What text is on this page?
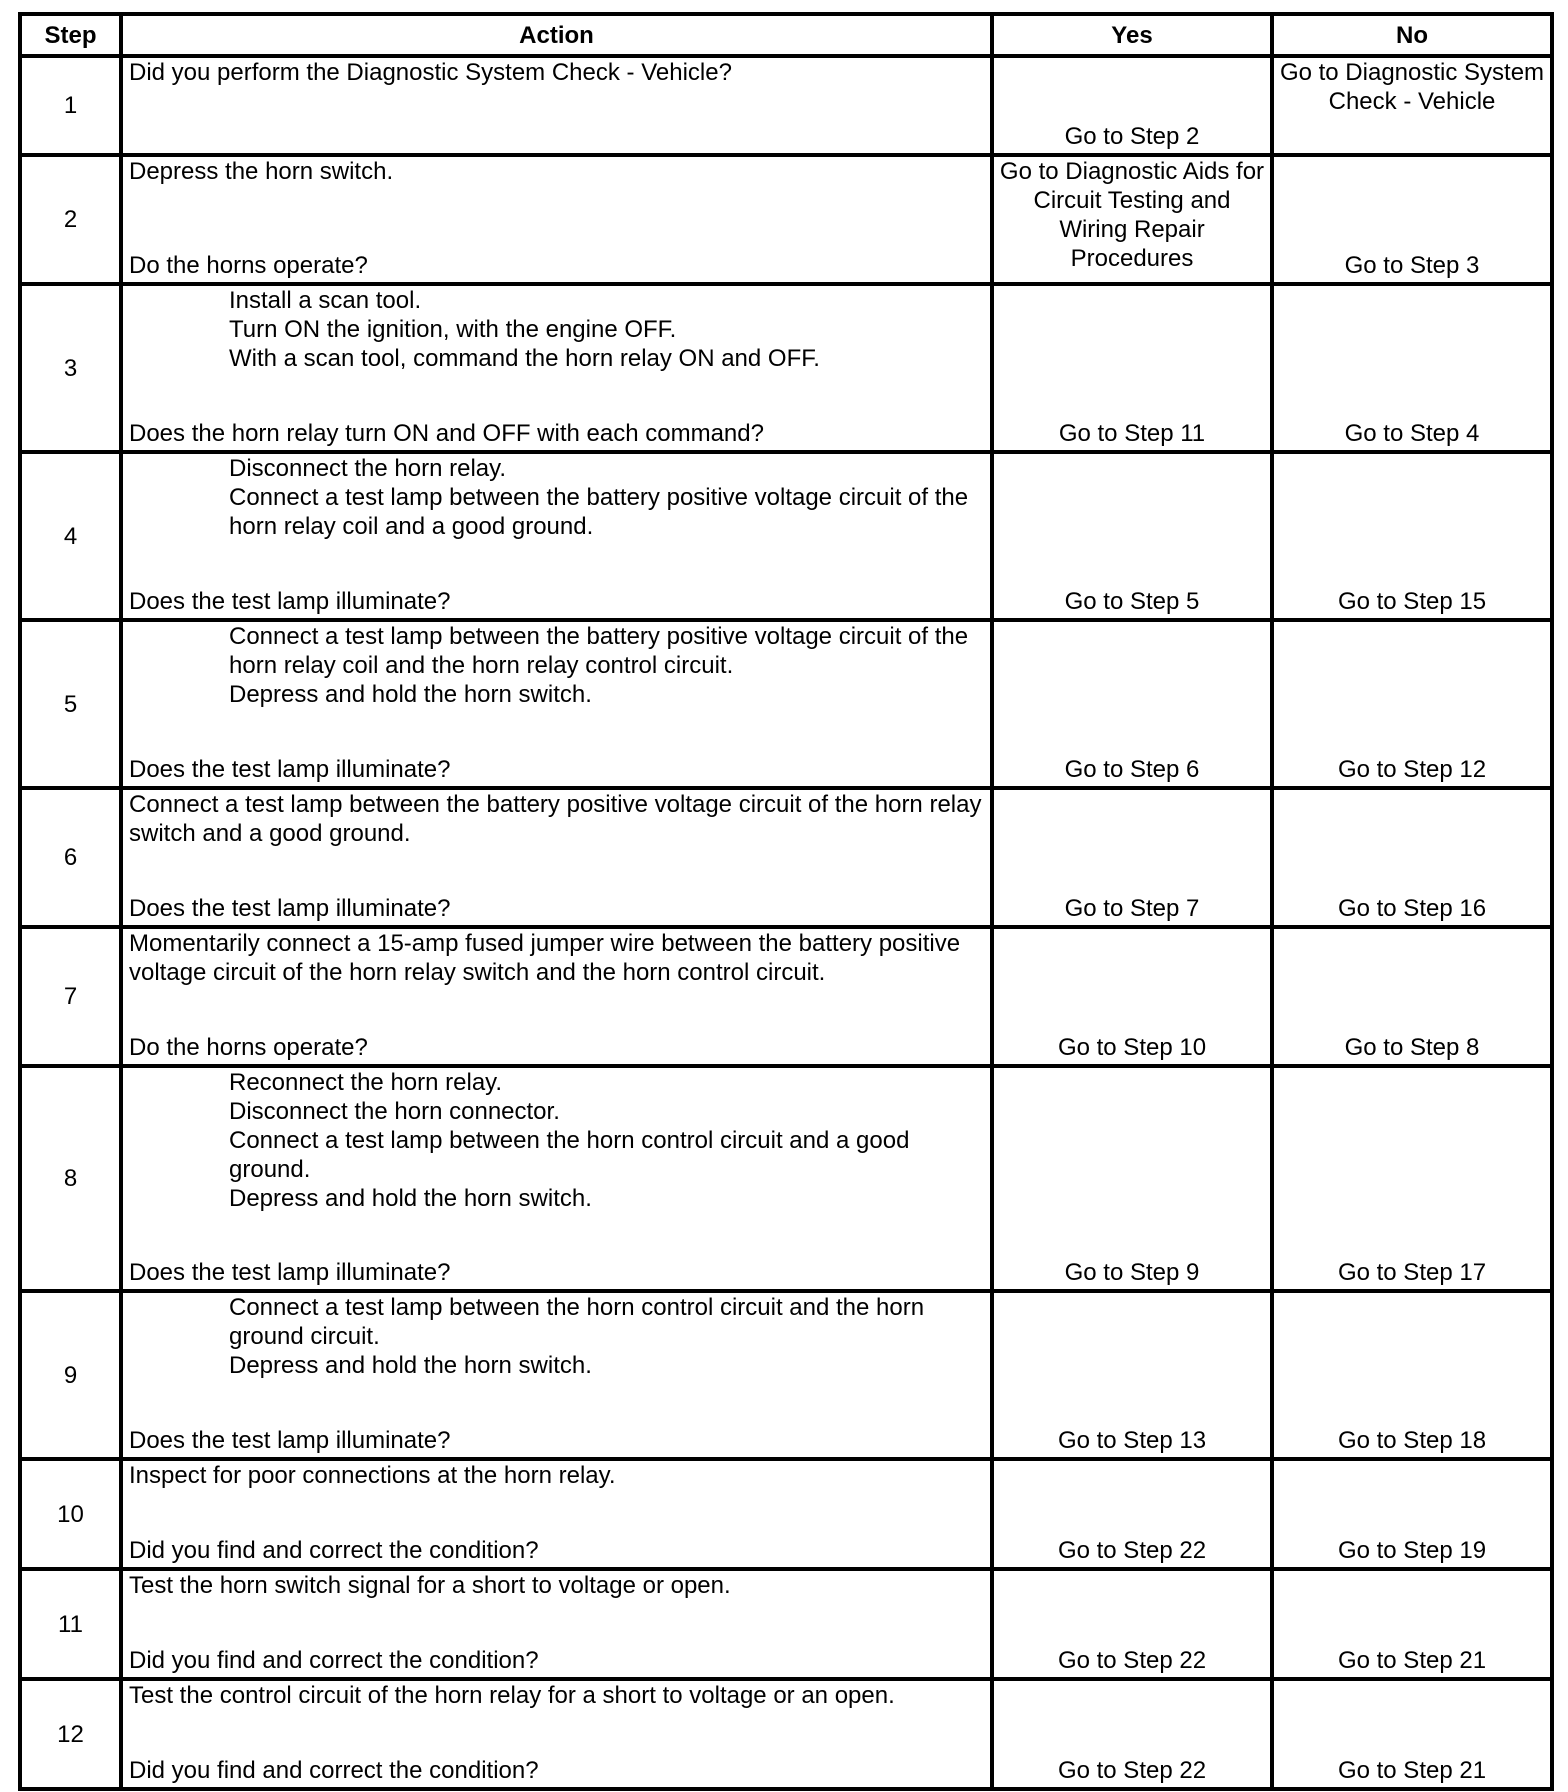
Step	Action	Yes	No
1	Did you perform the Diagnostic System Check - Vehicle?	Go to Step 2	Go to Diagnostic System Check - Vehicle
2	Depress the horn switch.
Do the horns operate?	Go to Diagnostic Aids for Circuit Testing and Wiring Repair Procedures	Go to Step 3
3	Install a scan tool.
Turn ON the ignition, with the engine OFF.
With a scan tool, command the horn relay ON and OFF.
Does the horn relay turn ON and OFF with each command?	Go to Step 11	Go to Step 4
4	Disconnect the horn relay.
Connect a test lamp between the battery positive voltage circuit of the horn relay coil and a good ground.
Does the test lamp illuminate?	Go to Step 5	Go to Step 15
5	Connect a test lamp between the battery positive voltage circuit of the horn relay coil and the horn relay control circuit.
Depress and hold the horn switch.
Does the test lamp illuminate?	Go to Step 6	Go to Step 12
6	Connect a test lamp between the battery positive voltage circuit of the horn relay switch and a good ground.
Does the test lamp illuminate?	Go to Step 7	Go to Step 16
7	Momentarily connect a 15-amp fused jumper wire between the battery positive voltage circuit of the horn relay switch and the horn control circuit.
Do the horns operate?	Go to Step 10	Go to Step 8
8	Reconnect the horn relay.
Disconnect the horn connector.
Connect a test lamp between the horn control circuit and a good ground.
Depress and hold the horn switch.
Does the test lamp illuminate?	Go to Step 9	Go to Step 17
9	Connect a test lamp between the horn control circuit and the horn ground circuit.
Depress and hold the horn switch.
Does the test lamp illuminate?	Go to Step 13	Go to Step 18
10	Inspect for poor connections at the horn relay.
Did you find and correct the condition?	Go to Step 22	Go to Step 19
11	Test the horn switch signal for a short to voltage or open.
Did you find and correct the condition?	Go to Step 22	Go to Step 21
12	Test the control circuit of the horn relay for a short to voltage or an open.
Did you find and correct the condition?	Go to Step 22	Go to Step 21
